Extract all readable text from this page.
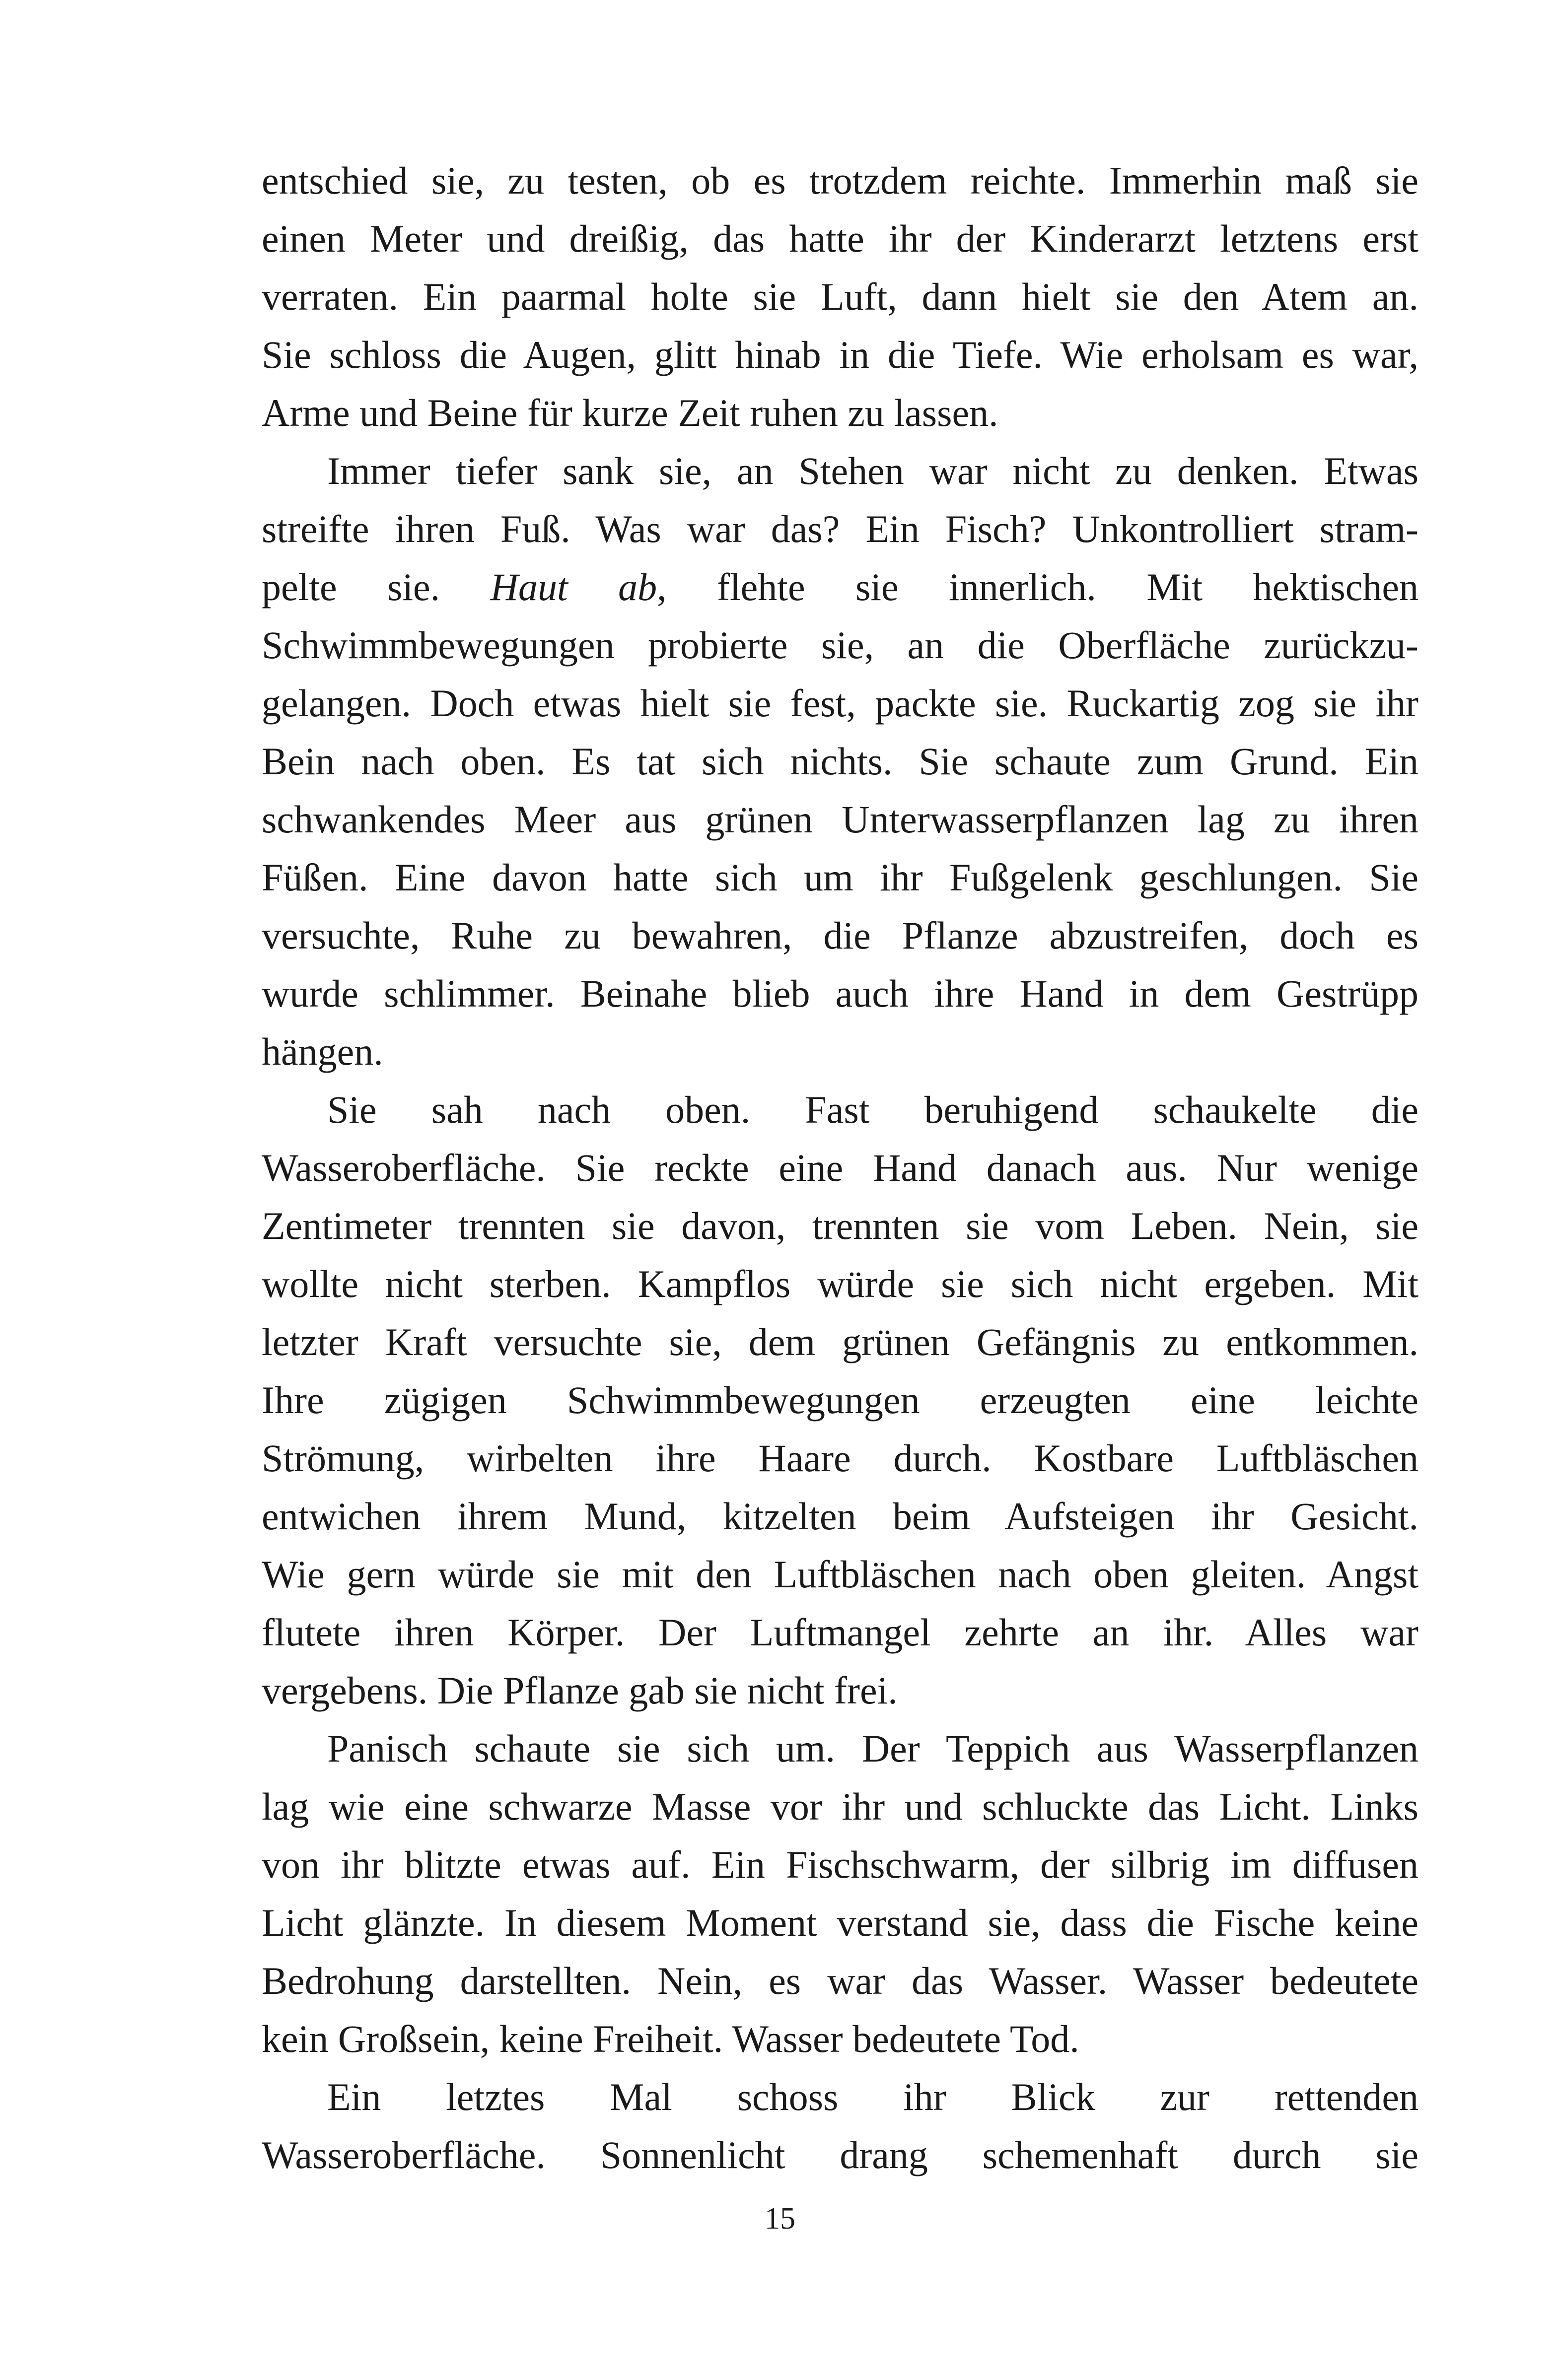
entschied sie, zu testen, ob es trotzdem reichte. Immerhin maß sie
einen Meter und dreißig, das hatte ihr der Kinderarzt letztens erst
verraten. Ein paarmal holte sie Luft, dann hielt sie den Atem an.
Sie schloss die Augen, glitt hinab in die Tiefe. Wie erholsam es war,
Arme und Beine für kurze Zeit ruhen zu lassen.
Immer tiefer sank sie, an Stehen war nicht zu denken. Etwas
streifte ihren Fuß. Was war das? Ein Fisch? Unkontrolliert stram-
pelte sie. Haut ab, flehte sie innerlich. Mit hektischen
Schwimmbewegungen probierte sie, an die Oberfläche zurückzu-
gelangen. Doch etwas hielt sie fest, packte sie. Ruckartig zog sie ihr
Bein nach oben. Es tat sich nichts. Sie schaute zum Grund. Ein
schwankendes Meer aus grünen Unterwasserpflanzen lag zu ihren
Füßen. Eine davon hatte sich um ihr Fußgelenk geschlungen. Sie
versuchte, Ruhe zu bewahren, die Pflanze abzustreifen, doch es
wurde schlimmer. Beinahe blieb auch ihre Hand in dem Gestrüpp
hängen.
Sie sah nach oben. Fast beruhigend schaukelte die
Wasseroberfläche. Sie reckte eine Hand danach aus. Nur wenige
Zentimeter trennten sie davon, trennten sie vom Leben. Nein, sie
wollte nicht sterben. Kampflos würde sie sich nicht ergeben. Mit
letzter Kraft versuchte sie, dem grünen Gefängnis zu entkommen.
Ihre zügigen Schwimmbewegungen erzeugten eine leichte
Strömung, wirbelten ihre Haare durch. Kostbare Luftbläschen
entwichen ihrem Mund, kitzelten beim Aufsteigen ihr Gesicht.
Wie gern würde sie mit den Luftbläschen nach oben gleiten. Angst
flutete ihren Körper. Der Luftmangel zehrte an ihr. Alles war
vergebens. Die Pflanze gab sie nicht frei.
Panisch schaute sie sich um. Der Teppich aus Wasserpflanzen
lag wie eine schwarze Masse vor ihr und schluckte das Licht. Links
von ihr blitzte etwas auf. Ein Fischschwarm, der silbrig im diffusen
Licht glänzte. In diesem Moment verstand sie, dass die Fische keine
Bedrohung darstellten. Nein, es war das Wasser. Wasser bedeutete
kein Großsein, keine Freiheit. Wasser bedeutete Tod.
Ein letztes Mal schoss ihr Blick zur rettenden
Wasseroberfläche. Sonnenlicht drang schemenhaft durch sie
15
